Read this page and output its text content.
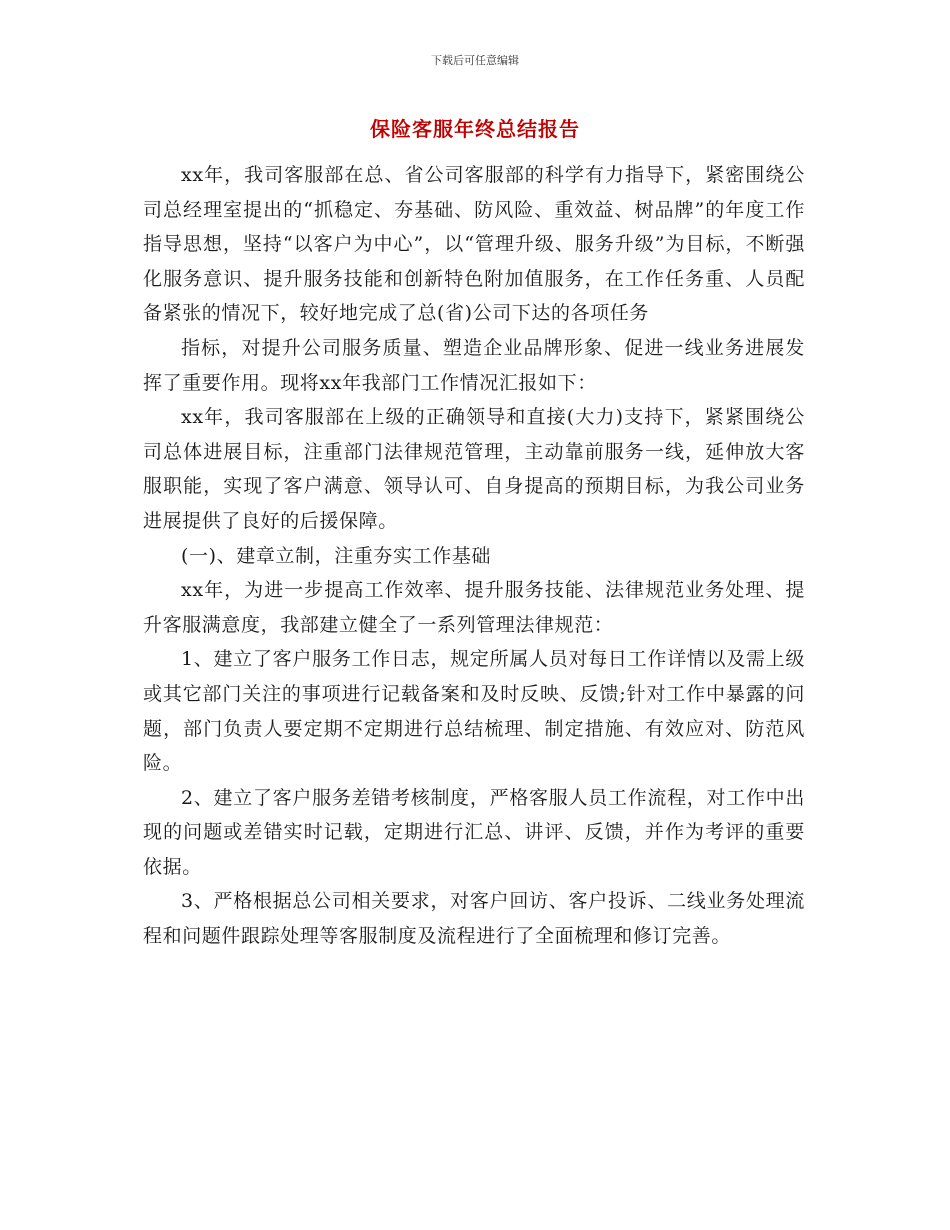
下载后可任意编辑
保险客服年终总结报告

xx年，我司客服部在总、省公司客服部的科学有力指导下，紧密围绕公司总经理室提出的“抓稳定、夯基础、防风险、重效益、树品牌”的年度工作指导思想，坚持“以客户为中心”，以“管理升级、服务升级”为目标，不断强化服务意识、提升服务技能和创新特色附加值服务，在工作任务重、人员配备紧张的情况下，较好地完成了总(省)公司下达的各项任务

指标，对提升公司服务质量、塑造企业品牌形象、促进一线业务进展发挥了重要作用。现将xx年我部门工作情况汇报如下：

xx年，我司客服部在上级的正确领导和直接(大力)支持下，紧紧围绕公司总体进展目标，注重部门法律规范管理，主动靠前服务一线，延伸放大客服职能，实现了客户满意、领导认可、自身提高的预期目标，为我公司业务进展提供了良好的后援保障。

(一)、建章立制，注重夯实工作基础

xx年，为进一步提高工作效率、提升服务技能、法律规范业务处理、提升客服满意度，我部建立健全了一系列管理法律规范：

1、建立了客户服务工作日志，规定所属人员对每日工作详情以及需上级或其它部门关注的事项进行记载备案和及时反映、反馈;针对工作中暴露的问题，部门负责人要定期不定期进行总结梳理、制定措施、有效应对、防范风险。

2、建立了客户服务差错考核制度，严格客服人员工作流程，对工作中出现的问题或差错实时记载，定期进行汇总、讲评、反馈，并作为考评的重要依据。

3、严格根据总公司相关要求，对客户回访、客户投诉、二线业务处理流程和问题件跟踪处理等客服制度及流程进行了全面梳理和修订完善。
